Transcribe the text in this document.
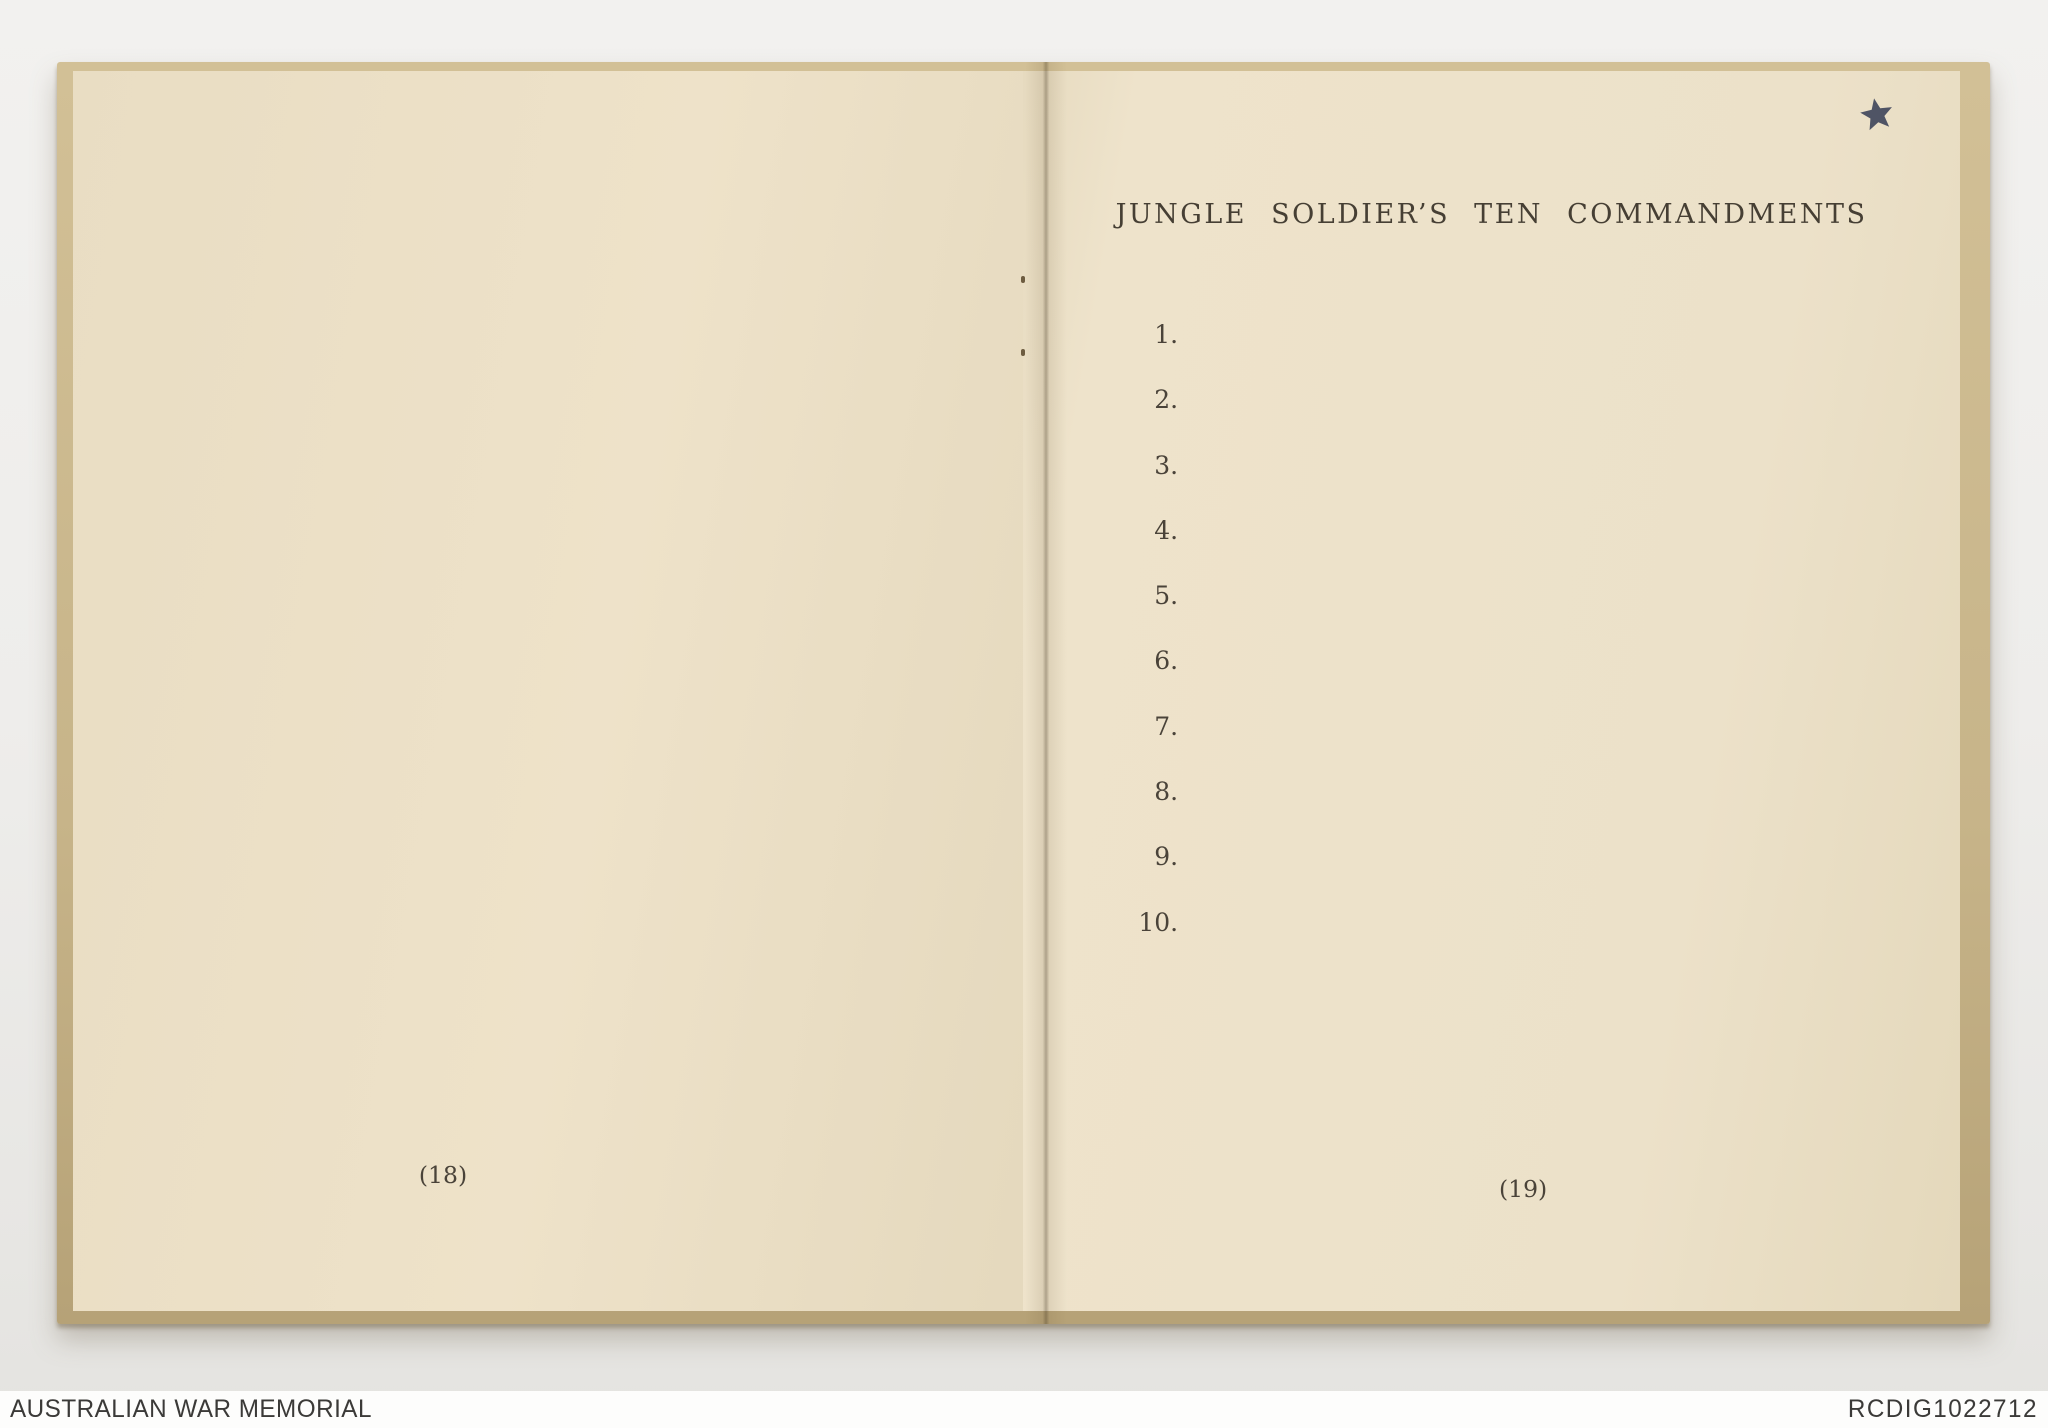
(18)
JUNGLE SOLDIER’S TEN COMMANDMENTS
1.
2.
3.
4.
5.
6.
7.
8.
9.
10.
(19)
AUSTRALIAN WAR MEMORIAL	RCDIG1022712
